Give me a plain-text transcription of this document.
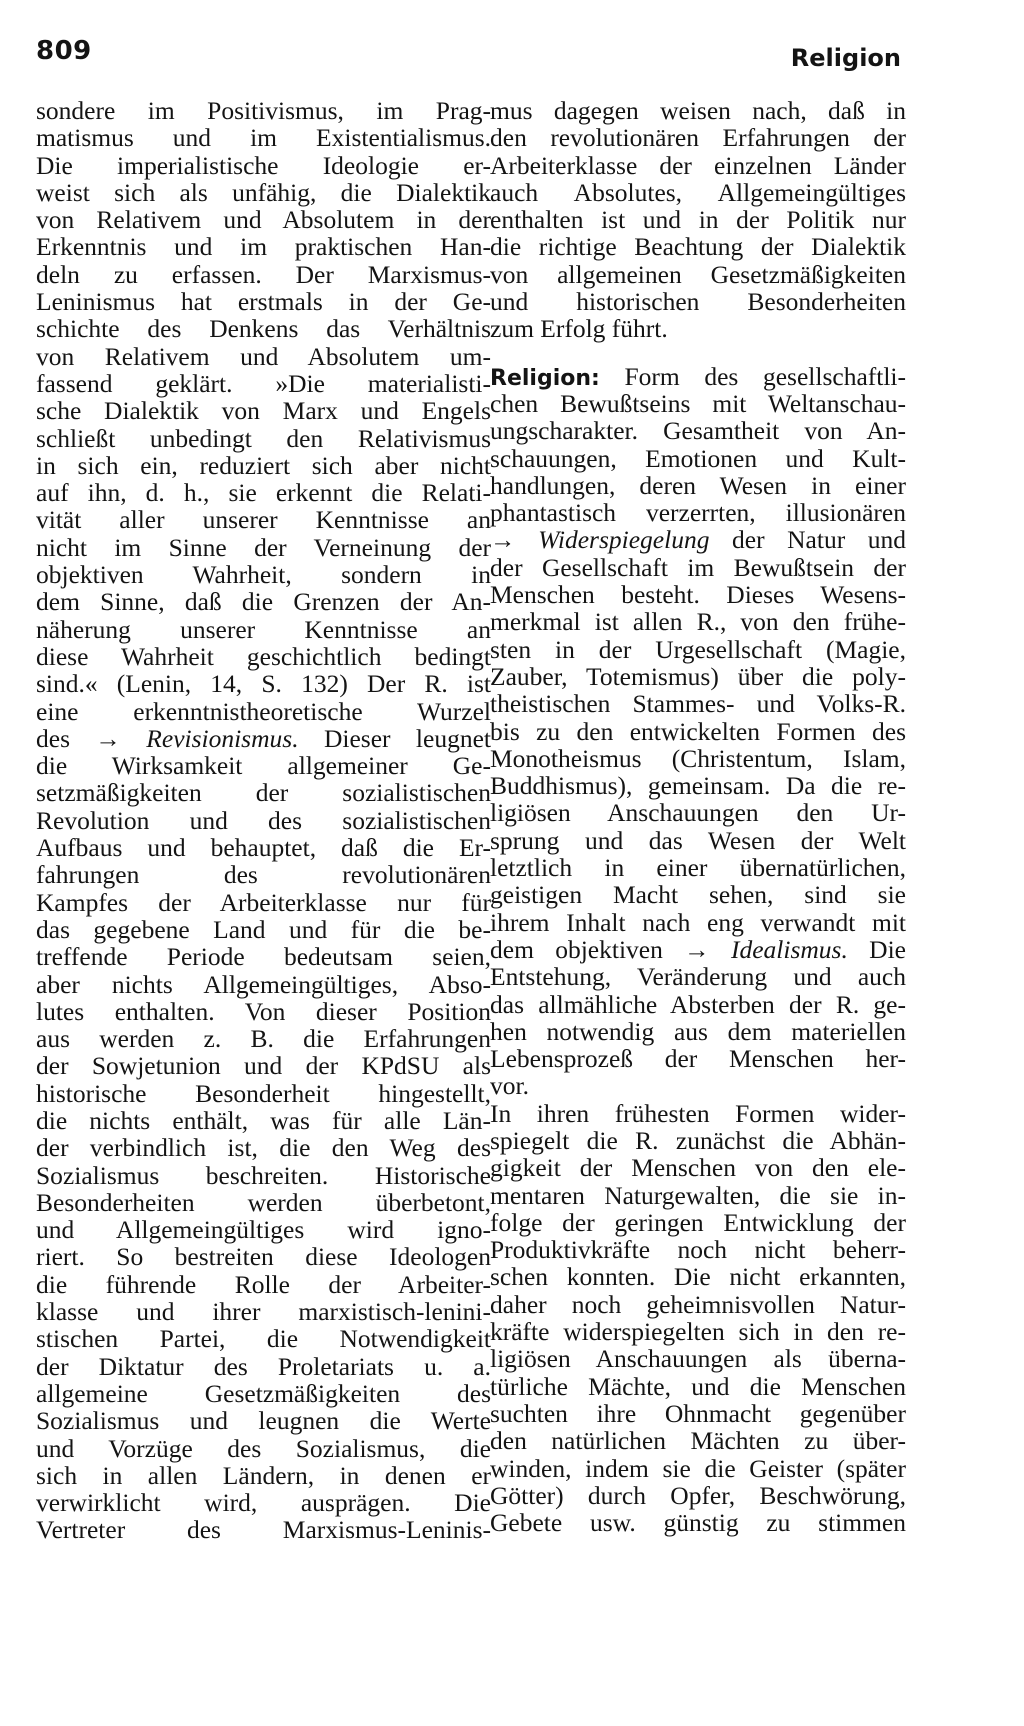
809	Religion
sondere im Positivismus, im Prag-
matismus und im Existentialismus.
Die imperialistische Ideologie er-
weist sich als unfähig, die Dialektik
von Relativem und Absolutem in der
Erkenntnis und im praktischen Han-
deln zu erfassen. Der Marxismus-
Leninismus hat erstmals in der Ge-
schichte des Denkens das Verhältnis
von Relativem und Absolutem um-
fassend geklärt. »Die materialisti-
sche Dialektik von Marx und Engels
schließt unbedingt den Relativismus
in sich ein, reduziert sich aber nicht
auf ihn, d. h., sie erkennt die Relati-
vität aller unserer Kenntnisse an
nicht im Sinne der Verneinung der
objektiven Wahrheit, sondern in
dem Sinne, daß die Grenzen der An-
näherung unserer Kenntnisse an
diese Wahrheit geschichtlich bedingt
sind.« (Lenin, 14, S. 132) Der R. ist
eine erkenntnistheoretische Wurzel
des → Revisionismus. Dieser leugnet
die Wirksamkeit allgemeiner Ge-
setzmäßigkeiten der sozialistischen
Revolution und des sozialistischen
Aufbaus und behauptet, daß die Er-
fahrungen des revolutionären
Kampfes der Arbeiterklasse nur für
das gegebene Land und für die be-
treffende Periode bedeutsam seien,
aber nichts Allgemeingültiges, Abso-
lutes enthalten. Von dieser Position
aus werden z. B. die Erfahrungen
der Sowjetunion und der KPdSU als
historische Besonderheit hingestellt,
die nichts enthält, was für alle Län-
der verbindlich ist, die den Weg des
Sozialismus beschreiten. Historische
Besonderheiten werden überbetont,
und Allgemeingültiges wird igno-
riert. So bestreiten diese Ideologen
die führende Rolle der Arbeiter-
klasse und ihrer marxistisch-lenini-
stischen Partei, die Notwendigkeit
der Diktatur des Proletariats u. a.
allgemeine Gesetzmäßigkeiten des
Sozialismus und leugnen die Werte
und Vorzüge des Sozialismus, die
sich in allen Ländern, in denen er
verwirklicht wird, ausprägen. Die
Vertreter des Marxismus-Leninis-
mus dagegen weisen nach, daß in
den revolutionären Erfahrungen der
Arbeiterklasse der einzelnen Länder
auch Absolutes, Allgemeingültiges
enthalten ist und in der Politik nur
die richtige Beachtung der Dialektik
von allgemeinen Gesetzmäßigkeiten
und historischen Besonderheiten
zum Erfolg führt.
Religion: Form des gesellschaftli-
chen Bewußtseins mit Weltanschau-
ungscharakter. Gesamtheit von An-
schauungen, Emotionen und Kult-
handlungen, deren Wesen in einer
phantastisch verzerrten, illusionären
→ Widerspiegelung der Natur und
der Gesellschaft im Bewußtsein der
Menschen besteht. Dieses Wesens-
merkmal ist allen R., von den frühe-
sten in der Urgesellschaft (Magie,
Zauber, Totemismus) über die poly-
theistischen Stammes- und Volks-R.
bis zu den entwickelten Formen des
Monotheismus (Christentum, Islam,
Buddhismus), gemeinsam. Da die re-
ligiösen Anschauungen den Ur-
sprung und das Wesen der Welt
letztlich in einer übernatürlichen,
geistigen Macht sehen, sind sie
ihrem Inhalt nach eng verwandt mit
dem objektiven → Idealismus. Die
Entstehung, Veränderung und auch
das allmähliche Absterben der R. ge-
hen notwendig aus dem materiellen
Lebensprozeß der Menschen her-
vor.
In ihren frühesten Formen wider-
spiegelt die R. zunächst die Abhän-
gigkeit der Menschen von den ele-
mentaren Naturgewalten, die sie in-
folge der geringen Entwicklung der
Produktivkräfte noch nicht beherr-
schen konnten. Die nicht erkannten,
daher noch geheimnisvollen Natur-
kräfte widerspiegelten sich in den re-
ligiösen Anschauungen als überna-
türliche Mächte, und die Menschen
suchten ihre Ohnmacht gegenüber
den natürlichen Mächten zu über-
winden, indem sie die Geister (später
Götter) durch Opfer, Beschwörung,
Gebete usw. günstig zu stimmen
